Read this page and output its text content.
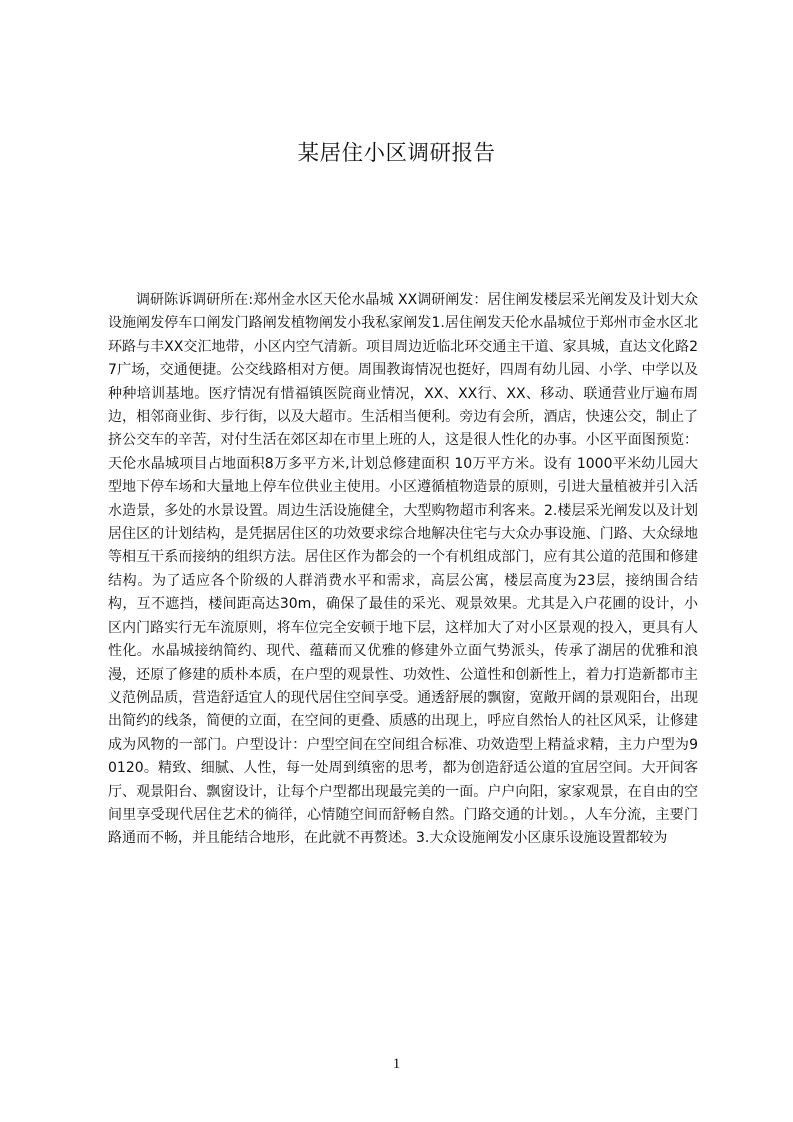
某居住小区调研报告

调研陈诉调研所在:郑州金水区天伦水晶城 XX调研阐发：居住阐发楼层采光阐发及计划大众设施阐发停车口阐发门路阐发植物阐发小我私家阐发1.居住阐发天伦水晶城位于郑州市金水区北环路与丰XX交汇地带，小区内空气清新。项目周边近临北环交通主干道、家具城，直达文化路27广场，交通便捷。公交线路相对方便。周围教诲情况也挺好，四周有幼儿园、小学、中学以及种种培训基地。医疗情况有惜福镇医院商业情况，XX、XX行、XX、移动、联通营业厅遍布周边，相邻商业街、步行街，以及大超市。生活相当便利。旁边有会所，酒店，快速公交，制止了挤公交车的辛苦，对付生活在郊区却在市里上班的人，这是很人性化的办事。小区平面图预览：天伦水晶城项目占地面积8万多平方米,计划总修建面积 10万平方米。设有 1000平米幼儿园大型地下停车场和大量地上停车位供业主使用。小区遵循植物造景的原则，引进大量植被并引入活水造景，多处的水景设置。周边生活设施健全，大型购物超市利客来。2.楼层采光阐发以及计划居住区的计划结构，是凭据居住区的功效要求综合地解决住宅与大众办事设施、门路、大众绿地等相互干系而接纳的组织方法。居住区作为都会的一个有机组成部门，应有其公道的范围和修建结构。为了适应各个阶级的人群消费水平和需求，高层公寓，楼层高度为23层，接纳围合结构，互不遮挡，楼间距高达30m，确保了最佳的采光、观景效果。尤其是入户花圃的设计，小区内门路实行无车流原则，将车位完全安顿于地下层，这样加大了对小区景观的投入，更具有人性化。水晶城接纳简约、现代、蕴藉而又优雅的修建外立面气势派头，传承了湖居的优雅和浪漫，还原了修建的质朴本质，在户型的观景性、功效性、公道性和创新性上，着力打造新都市主义范例品质，营造舒适宜人的现代居住空间享受。通透舒展的飘窗，宽敞开阔的景观阳台，出现出简约的线条，简便的立面，在空间的更叠、质感的出现上，呼应自然怡人的社区风采，让修建成为风物的一部门。户型设计：户型空间在空间组合标准、功效造型上精益求精，主力户型为90120。精致、细腻、人性，每一处周到缜密的思考，都为创造舒适公道的宜居空间。大开间客厅、观景阳台、飘窗设计，让每个户型都出现最完美的一面。户户向阳，家家观景，在自由的空间里享受现代居住艺术的徜徉，心情随空间而舒畅自然。门路交通的计划。，人车分流，主要门路通而不畅，并且能结合地形，在此就不再赘述。3.大众设施阐发小区康乐设施设置都较为

1
